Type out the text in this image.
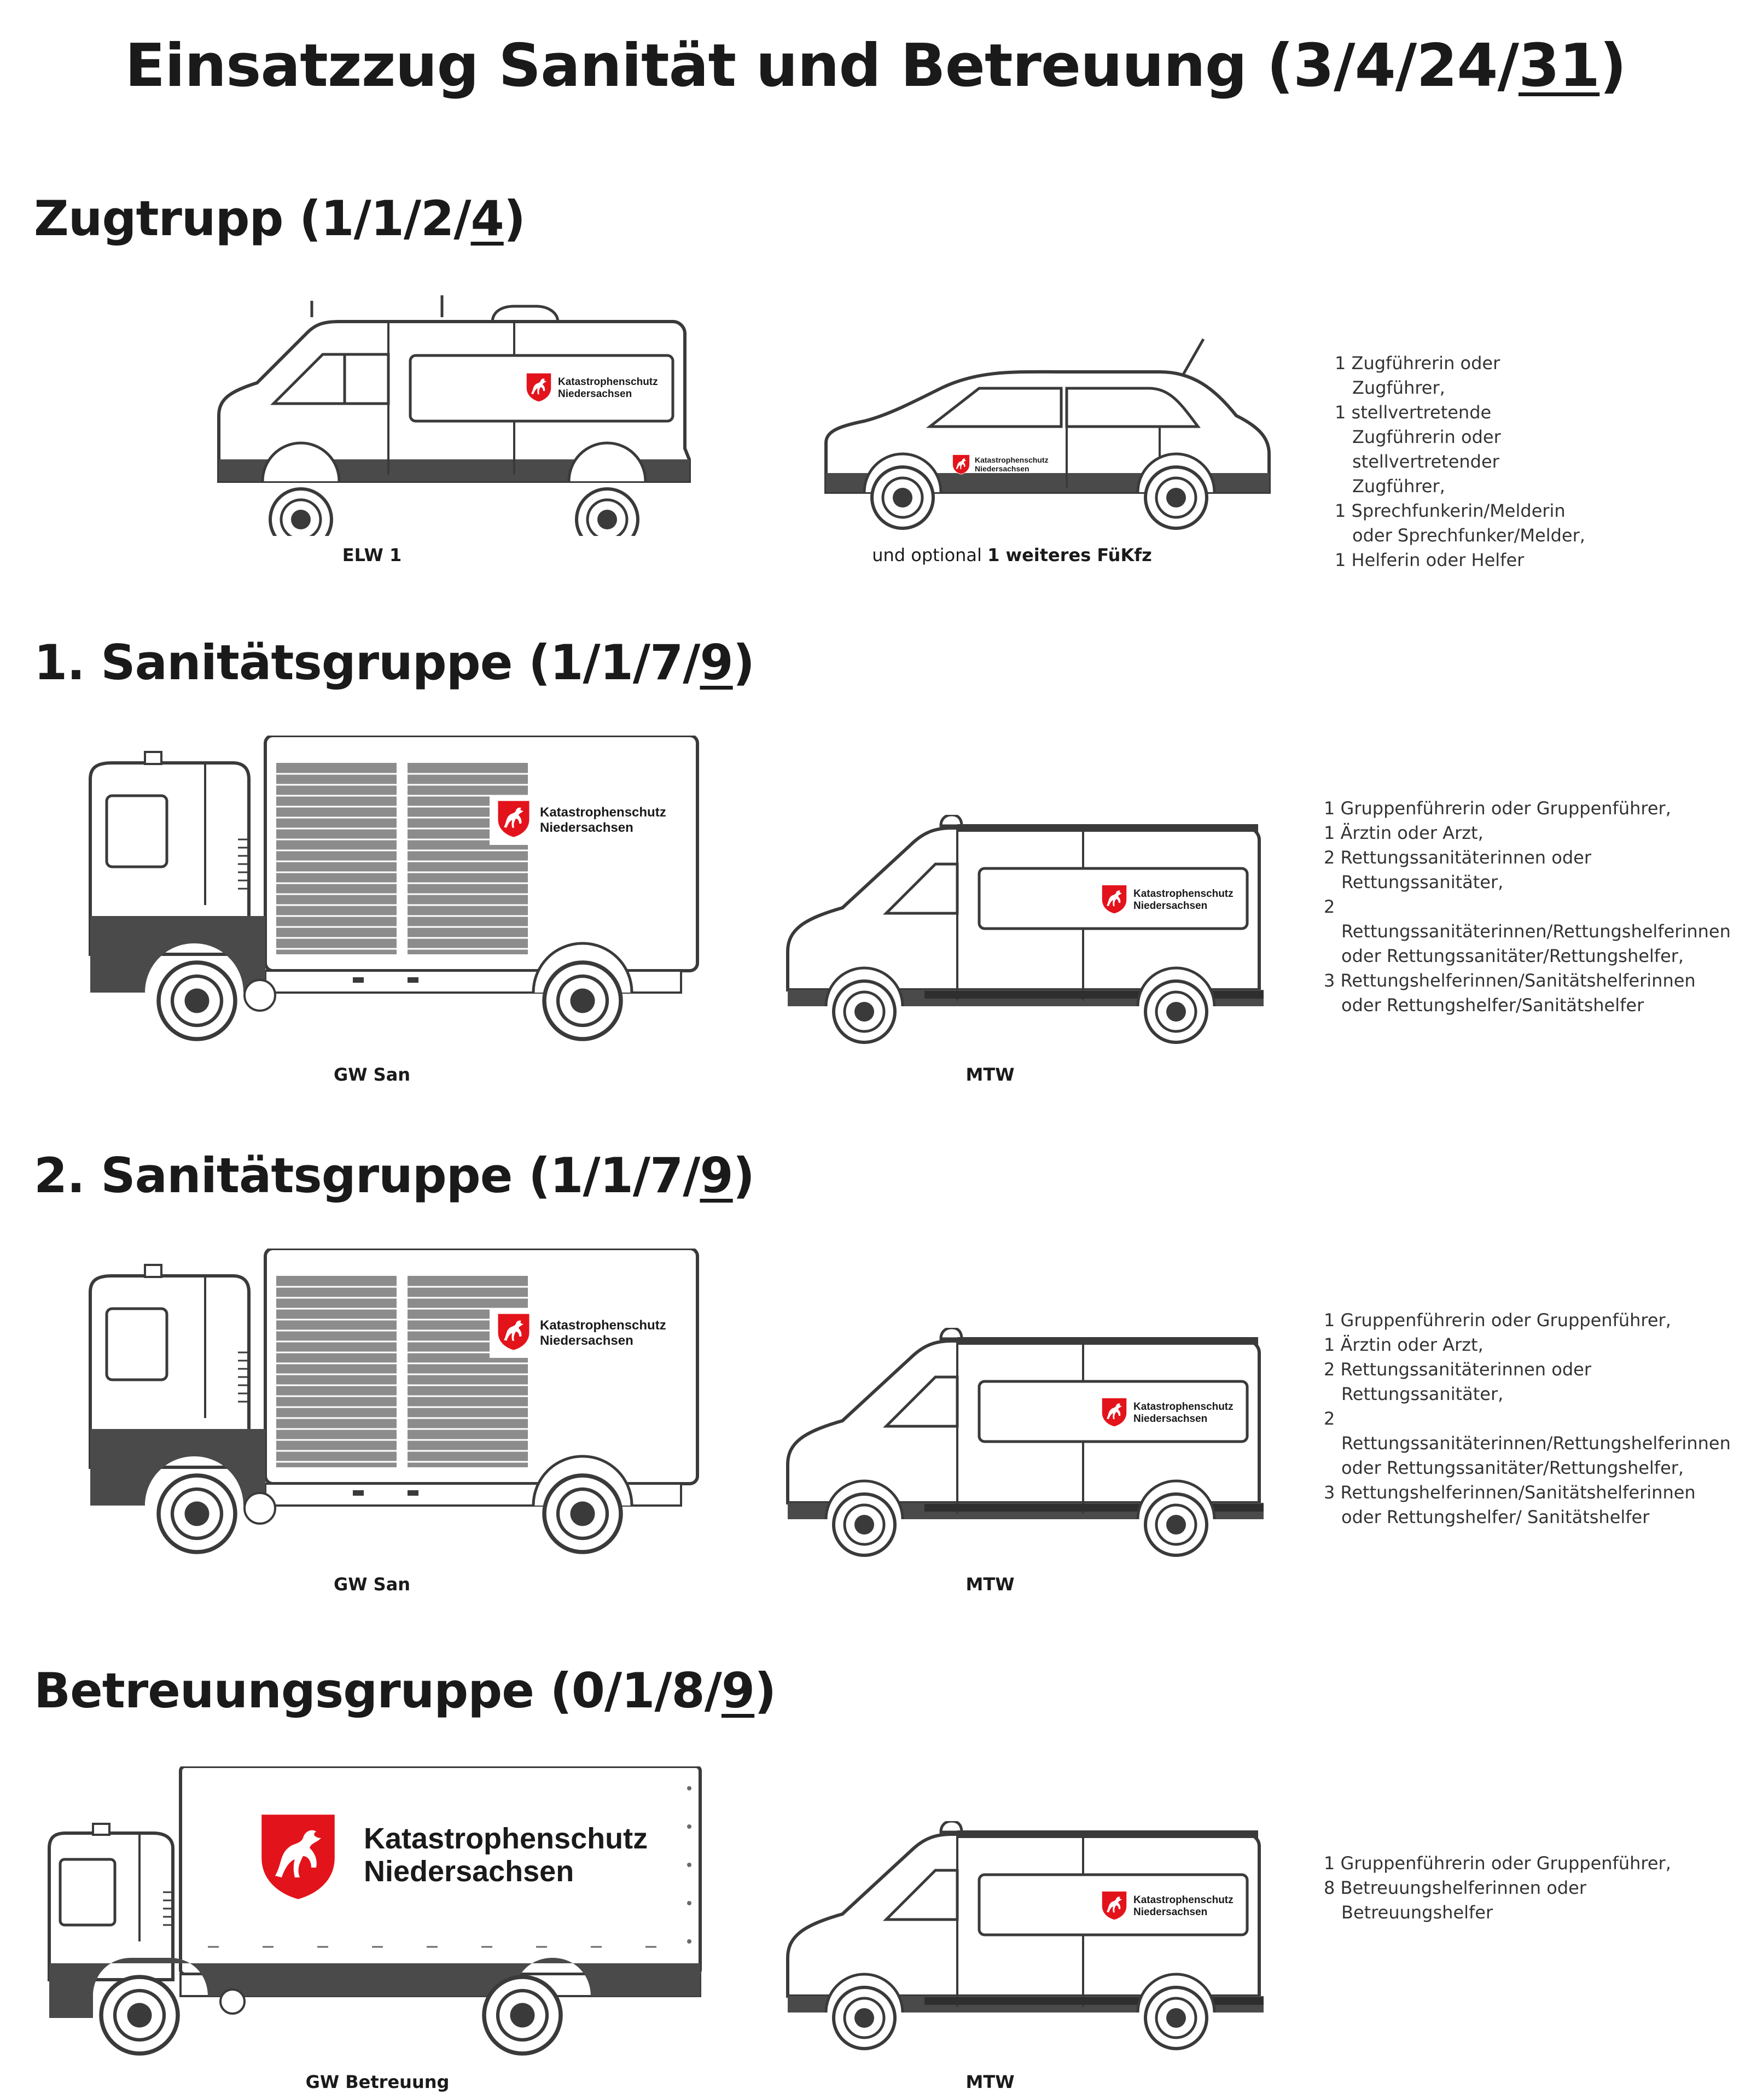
Einsatzzug Sanität und Betreuung (3/4/24/31)
Zugtrupp (1/1/2/4)
Katastrophenschutz
Niedersachsen
ELW 1
Katastrophenschutz
Niedersachsen
und optional 1 weiteres FüKfz
1 Zugführerin oder Zugführer,
1 stellvertretende Zugführerin oder stellvertretender Zugführer,
1 Sprechfunkerin/Melderin oder Sprechfunker/Melder,
1 Helferin oder Helfer
1. Sanitätsgruppe (1/1/7/9)
Katastrophenschutz
Niedersachsen
GW San
Katastrophenschutz
Niedersachsen
MTW
1 Gruppenführerin oder Gruppenführer,
1 Ärztin oder Arzt,
2 Rettungssanitäterinnen oder Rettungssanitäter,
2 Rettungssanitäterinnen/Rettungshelferinnen oder Rettungssanitäter/Rettungshelfer,
3 Rettungshelferinnen/Sanitätshelferinnen oder Rettungshelfer/Sanitätshelfer
2. Sanitätsgruppe (1/1/7/9)
Katastrophenschutz
Niedersachsen
GW San
Katastrophenschutz
Niedersachsen
MTW
1 Gruppenführerin oder Gruppenführer,
1 Ärztin oder Arzt,
2 Rettungssanitäterinnen oder Rettungssanitäter,
2 Rettungssanitäterinnen/Rettungshelferinnen oder Rettungssanitäter/Rettungshelfer,
3 Rettungshelferinnen/Sanitätshelferinnen oder Rettungshelfer/ Sanitätshelfer
Betreuungsgruppe (0/1/8/9)
Katastrophenschutz
Niedersachsen
GW Betreuung
Katastrophenschutz
Niedersachsen
MTW
1 Gruppenführerin oder Gruppenführer,
8 Betreuungshelferinnen oder Betreuungshelfer
